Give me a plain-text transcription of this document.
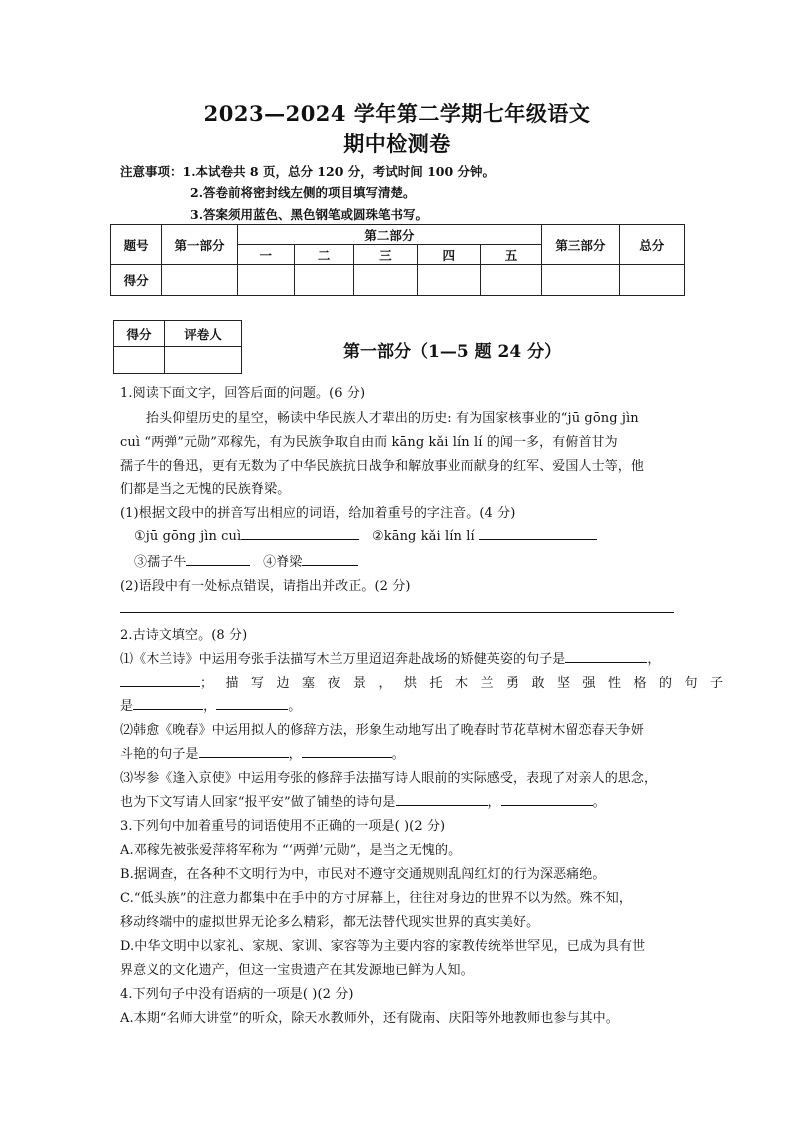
2023—2024 学年第二学期七年级语文
期中检测卷
注意事项：1.本试卷共 8 页，总分 120 分，考试时间 100 分钟。
2.答卷前将密封线左侧的项目填写清楚。
3.答案须用蓝色、黑色钢笔或圆珠笔书写。
题号	第一部分	第二部分					第三部分	总分
		一	二	三	四	五		
得分								
得分	评卷人

第一部分（1—5 题 24 分）
1.阅读下面文字，回答后面的问题。(6 分)
抬头仰望历史的星空，畅读中华民族人才辈出的历史: 有为国家核事业的“jū gōng jìn
cuì “两弹”元勋”邓稼先，有为民族争取自由而 kāng kǎi lín lí 的闻一多，有俯首甘为
孺子牛的鲁迅，更有无数为了中华民族抗日战争和解放事业而献身的红军、爱国人士等，他
们都是当之无愧的民族脊梁。
(1)根据文段中的拼音写出相应的词语，给加着重号的字注音。(4 分)
①jū gōng jìn cuì	②kāng kǎi lín lí
③孺子牛	④脊梁
(2)语段中有一处标点错误，请指出并改正。(2 分)
2.古诗文填空。(8 分)
⑴《木兰诗》中运用夸张手法描写木兰万里迢迢奔赴战场的矫健英姿的句子是	，
；描写边塞夜景，烘托木兰勇敢坚强性格的句子
是	，	。
⑵韩愈《晚春》中运用拟人的修辞方法，形象生动地写出了晚春时节花草树木留恋春天争妍
斗艳的句子是	，	。
⑶岑参《逢入京使》中运用夸张的修辞手法描写诗人眼前的实际感受，表现了对亲人的思念，
也为下文写请人回家“报平安”做了铺垫的诗句是	，	。
3.下列句中加着重号的词语使用不正确的一项是( )(2 分)
A.邓稼先被张爱萍将军称为 “‘两弹’元勋”，是当之无愧的。
B.据调查，在各种不文明行为中，市民对不遵守交通规则乱闯红灯的行为深恶痛绝。
C.“低头族”的注意力都集中在手中的方寸屏幕上，往往对身边的世界不以为然。殊不知，
移动终端中的虚拟世界无论多么精彩，都无法替代现实世界的真实美好。
D.中华文明中以家礼、家规、家训、家容等为主要内容的家教传统举世罕见，已成为具有世
界意义的文化遗产，但这一宝贵遗产在其发源地已鲜为人知。
4.下列句子中没有语病的一项是( )(2 分)
A.本期“名师大讲堂”的听众，除天水教师外，还有陇南、庆阳等外地教师也参与其中。
